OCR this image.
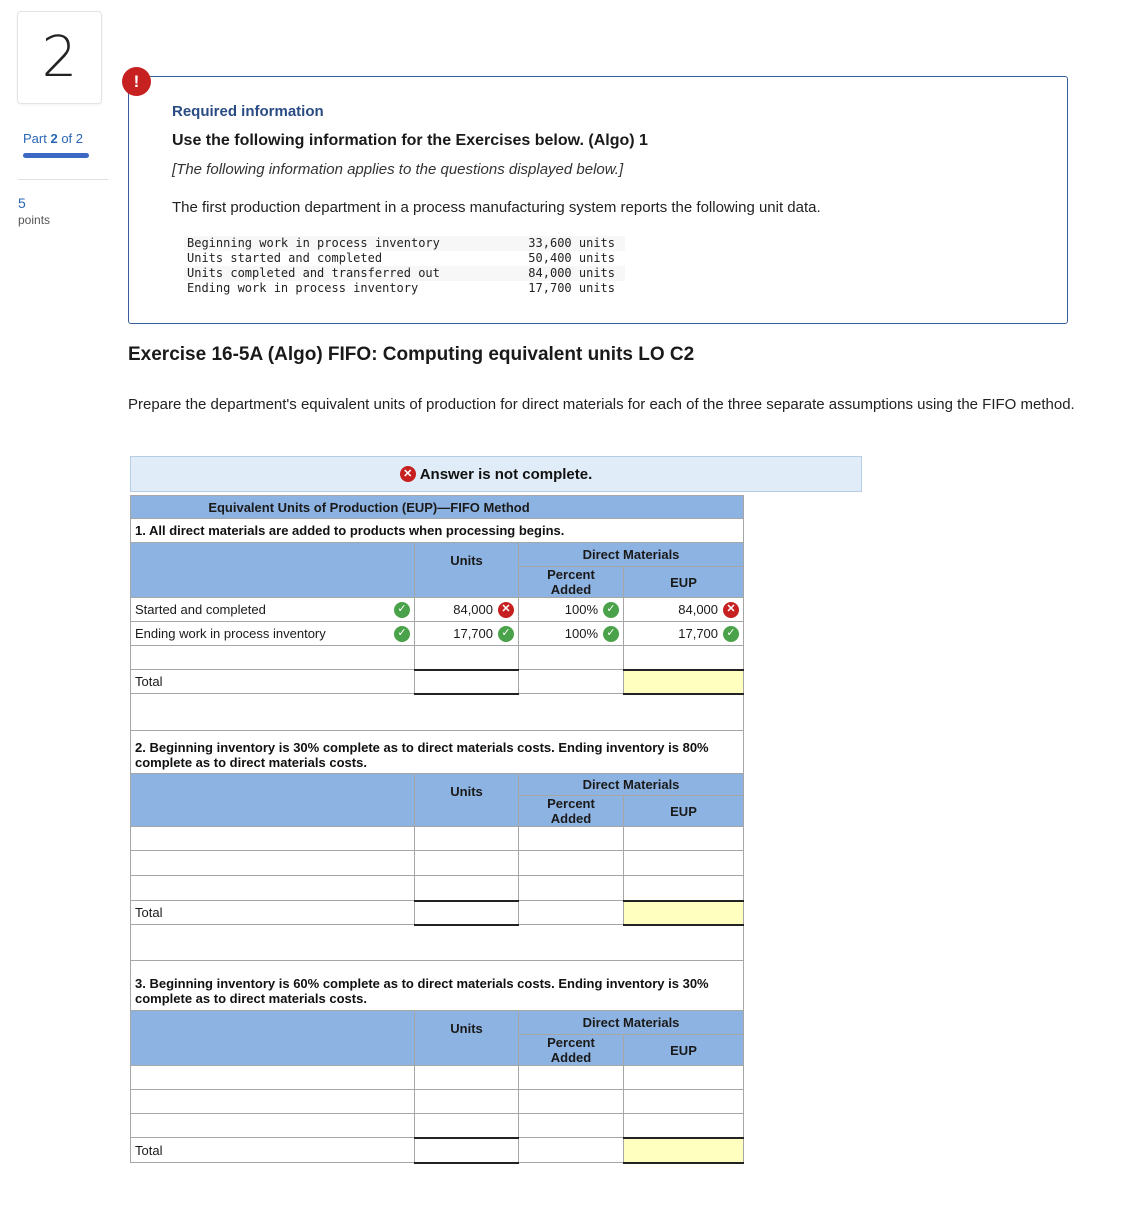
2
Part 2 of 2
5
points
Required information
Use the following information for the Exercises below. (Algo) 1
[The following information applies to the questions displayed below.]
The first production department in a process manufacturing system reports the following unit data.
Beginning work in process inventory	33,600 units
Units started and completed	50,400 units
Units completed and transferred out	84,000 units
Ending work in process inventory	17,700 units
!
Exercise 16-5A (Algo) FIFO: Computing equivalent units LO C2
Prepare the department's equivalent units of production for direct materials for each of the three separate assumptions using the FIFO method.
✕ Answer is not complete.
Equivalent Units of Production (EUP)—FIFO Method			
1. All direct materials are added to products when processing begins.			
	Units	Direct Materials	
		Percent Added	EUP

Started and completed ✓	84,000 ✕	100% ✓	84,000 ✕

Ending work in process inventory ✓	17,700 ✓	100% ✓	17,700 ✓

Total			

2. Beginning inventory is 30% complete as to direct materials costs. Ending inventory is 80% complete as to direct materials costs.			
	Units	Direct Materials	
		Percent Added	EUP

Total			

3. Beginning inventory is 60% complete as to direct materials costs. Ending inventory is 30% complete as to direct materials costs.			
	Units	Direct Materials	
		Percent Added	EUP

Total			
